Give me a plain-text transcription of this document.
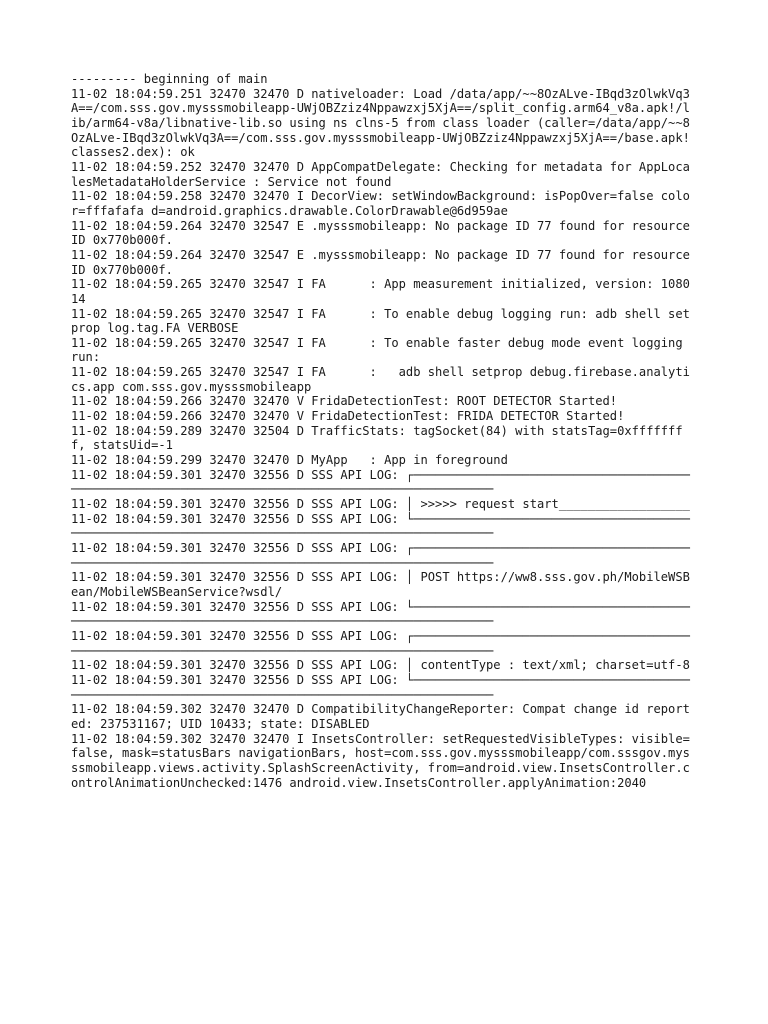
--------- beginning of main

11-02 18:04:59.251 32470 32470 D nativeloader: Load /data/app/~~8OzALve-IBqd3zOlwkVq3A==/com.sss.gov.mysssmobileapp-UWjOBZziz4Nppawzxj5XjA==/split_config.arm64_v8a.apk!/lib/arm64-v8a/libnative-lib.so using ns clns-5 from class loader (caller=/data/app/~~8OzALve-IBqd3zOlwkVq3A==/com.sss.gov.mysssmobileapp-UWjOBZziz4Nppawzxj5XjA==/base.apk!classes2.dex): ok

11-02 18:04:59.252 32470 32470 D AppCompatDelegate: Checking for metadata for AppLocalesMetadataHolderService : Service not found

11-02 18:04:59.258 32470 32470 I DecorView: setWindowBackground: isPopOver=false color=fffafafa d=android.graphics.drawable.ColorDrawable@6d959ae

11-02 18:04:59.264 32470 32547 E .mysssmobileapp: No package ID 77 found for resource ID 0x770b000f.

11-02 18:04:59.264 32470 32547 E .mysssmobileapp: No package ID 77 found for resource ID 0x770b000f.

11-02 18:04:59.265 32470 32547 I FA      : App measurement initialized, version: 108014

11-02 18:04:59.265 32470 32547 I FA      : To enable debug logging run: adb shell setprop log.tag.FA VERBOSE

11-02 18:04:59.265 32470 32547 I FA      : To enable faster debug mode event logging run:

11-02 18:04:59.265 32470 32547 I FA      :   adb shell setprop debug.firebase.analytics.app com.sss.gov.mysssmobileapp

11-02 18:04:59.266 32470 32470 V FridaDetectionTest: ROOT DETECTOR Started!

11-02 18:04:59.266 32470 32470 V FridaDetectionTest: FRIDA DETECTOR Started!

11-02 18:04:59.289 32470 32504 D TrafficStats: tagSocket(84) with statsTag=0xffffffff, statsUid=-1

11-02 18:04:59.299 32470 32470 D MyApp   : App in foreground

11-02 18:04:59.301 32470 32556 D SSS API LOG: ┌────────────────────────────────────────────────────────────────────────────────────────────────

11-02 18:04:59.301 32470 32556 D SSS API LOG: │ >>>>> request start__________________

11-02 18:04:59.301 32470 32556 D SSS API LOG: └────────────────────────────────────────────────────────────────────────────────────────────────

11-02 18:04:59.301 32470 32556 D SSS API LOG: ┌────────────────────────────────────────────────────────────────────────────────────────────────

11-02 18:04:59.301 32470 32556 D SSS API LOG: │ POST https://ww8.sss.gov.ph/MobileWSBean/MobileWSBeanService?wsdl/

11-02 18:04:59.301 32470 32556 D SSS API LOG: └────────────────────────────────────────────────────────────────────────────────────────────────

11-02 18:04:59.301 32470 32556 D SSS API LOG: ┌────────────────────────────────────────────────────────────────────────────────────────────────

11-02 18:04:59.301 32470 32556 D SSS API LOG: │ contentType : text/xml; charset=utf-8

11-02 18:04:59.301 32470 32556 D SSS API LOG: └────────────────────────────────────────────────────────────────────────────────────────────────

11-02 18:04:59.302 32470 32470 D CompatibilityChangeReporter: Compat change id reported: 237531167; UID 10433; state: DISABLED

11-02 18:04:59.302 32470 32470 I InsetsController: setRequestedVisibleTypes: visible=false, mask=statusBars navigationBars, host=com.sss.gov.mysssmobileapp/com.sssgov.mysssmobileapp.views.activity.SplashScreenActivity, from=android.view.InsetsController.controlAnimationUnchecked:1476 android.view.InsetsController.applyAnimation:2040
